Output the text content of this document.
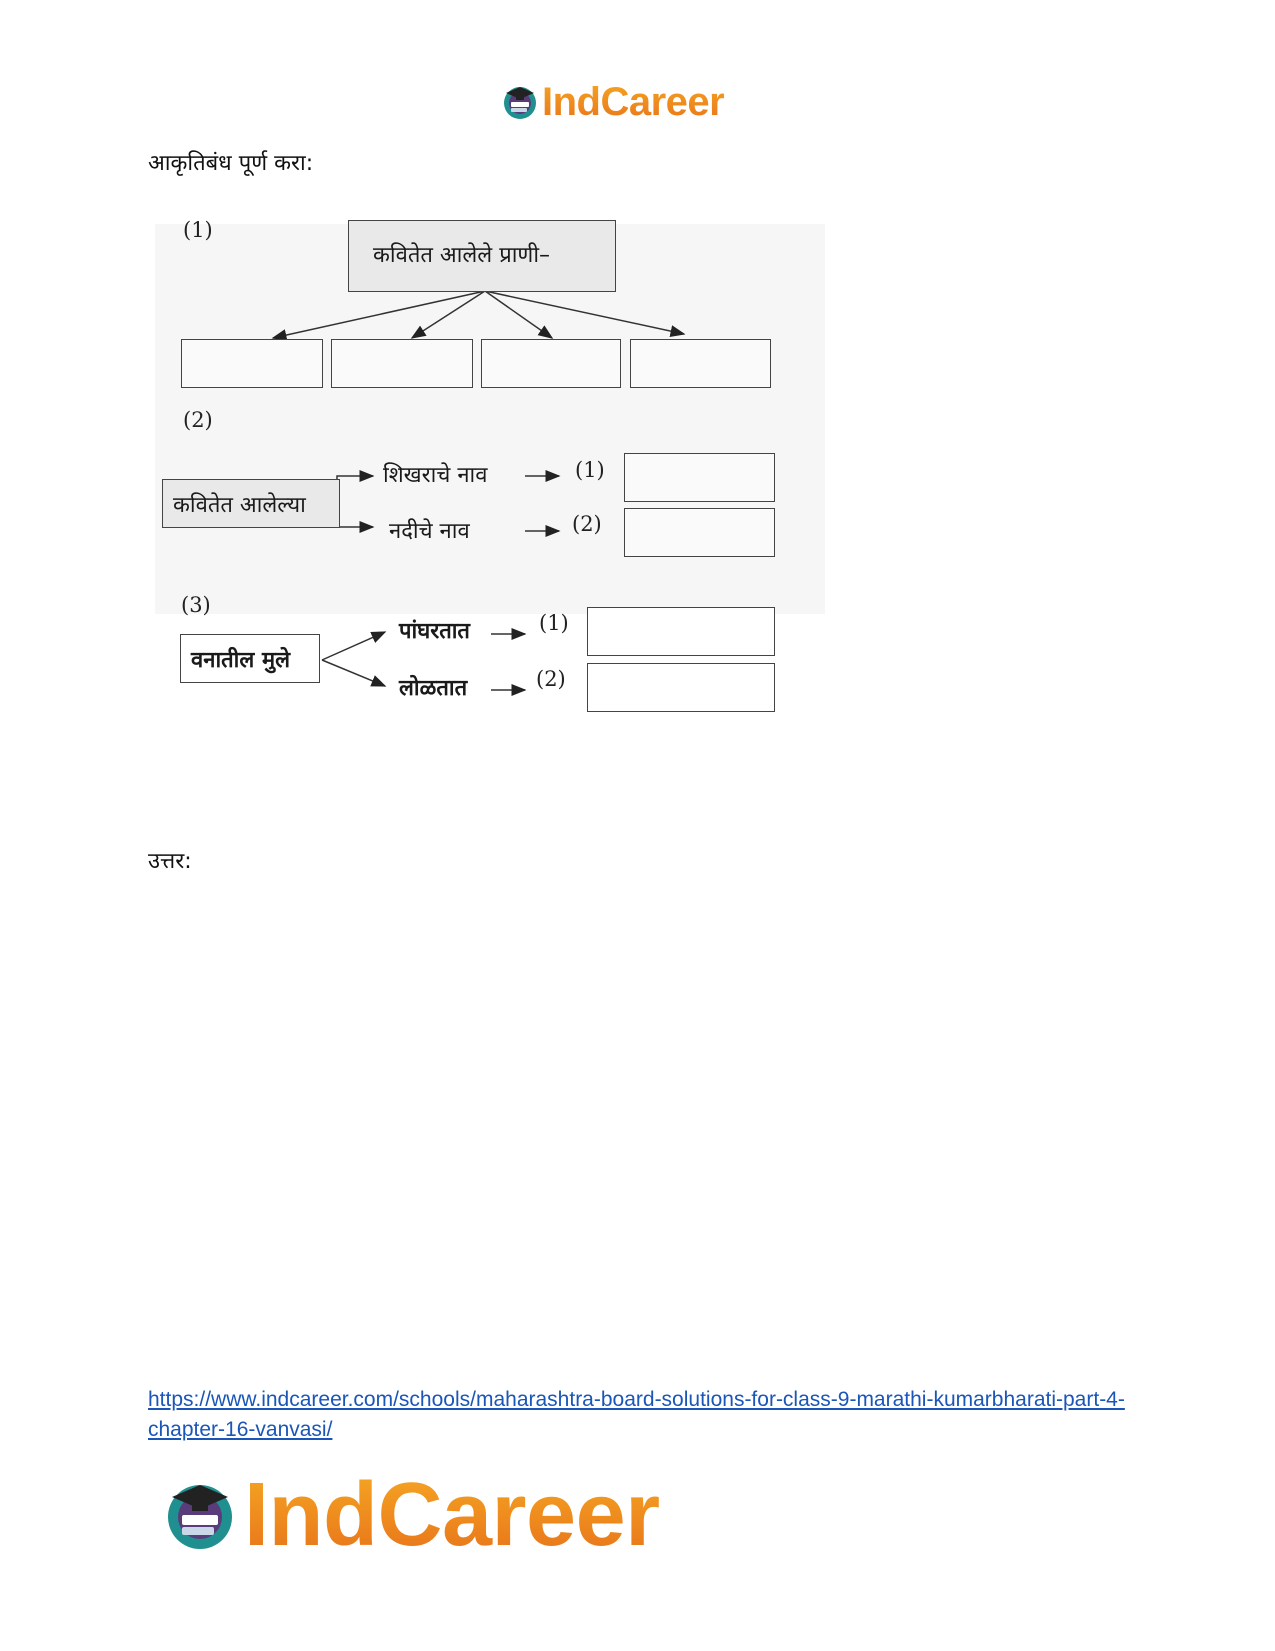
IndCareer
आकृतिबंध पूर्ण करा:
(1)
कवितेत आलेले प्राणी–
(2)
कवितेत आलेल्या
शिखराचे नाव	(1)
नदीचे नाव	(2)
(3)
वनातील मुले
पांघरतात	(1)
लोळतात	(2)
उत्तर:
https://www.indcareer.com/schools/maharashtra-board-solutions-for-class-9-marathi-kumarbharati-part-4-chapter-16-vanvasi/
IndCareer
